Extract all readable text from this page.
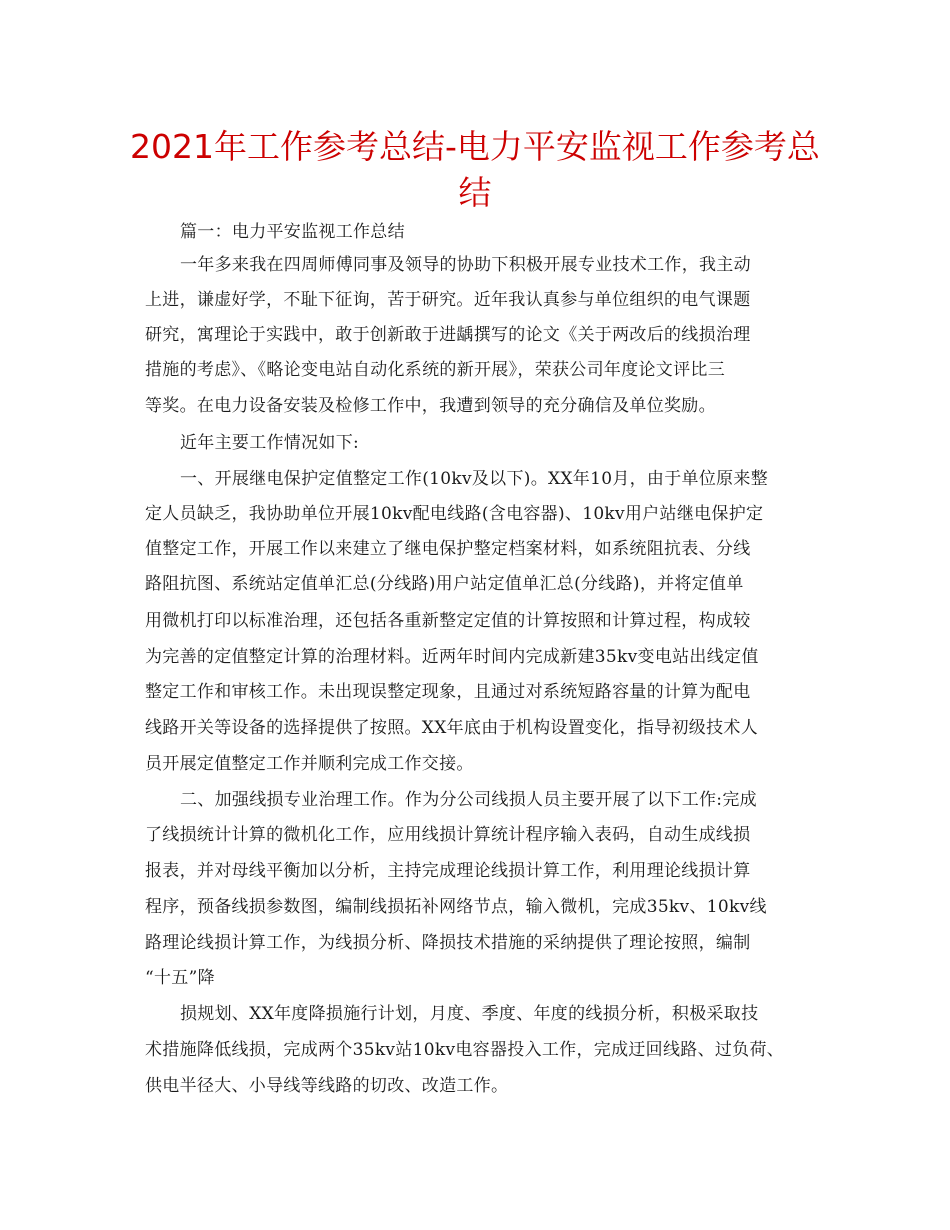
2021年工作参考总结-电力平安监视工作参考总
结
篇一：电力平安监视工作总结
一年多来我在四周师傅同事及领导的协助下积极开展专业技术工作，我主动
上进，谦虚好学，不耻下征询，苦于研究。近年我认真参与单位组织的电气课题
研究，寓理论于实践中，敢于创新敢于进龋撰写的论文《关于两改后的线损治理
措施的考虑》、《略论变电站自动化系统的新开展》，荣获公司年度论文评比三
等奖。在电力设备安装及检修工作中，我遭到领导的充分确信及单位奖励。
近年主要工作情况如下:
一、开展继电保护定值整定工作(10kv及以下)。XX年10月，由于单位原来整
定人员缺乏，我协助单位开展10kv配电线路(含电容器)、10kv用户站继电保护定
值整定工作，开展工作以来建立了继电保护整定档案材料，如系统阻抗表、分线
路阻抗图、系统站定值单汇总(分线路)用户站定值单汇总(分线路)，并将定值单
用微机打印以标准治理，还包括各重新整定定值的计算按照和计算过程，构成较
为完善的定值整定计算的治理材料。近两年时间内完成新建35kv变电站出线定值
整定工作和审核工作。未出现误整定现象，且通过对系统短路容量的计算为配电
线路开关等设备的选择提供了按照。XX年底由于机构设置变化，指导初级技术人
员开展定值整定工作并顺利完成工作交接。
二、加强线损专业治理工作。作为分公司线损人员主要开展了以下工作:完成
了线损统计计算的微机化工作，应用线损计算统计程序输入表码，自动生成线损
报表，并对母线平衡加以分析，主持完成理论线损计算工作，利用理论线损计算
程序，预备线损参数图，编制线损拓补网络节点，输入微机，完成35kv、10kv线
路理论线损计算工作，为线损分析、降损技术措施的采纳提供了理论按照，编制
“十五”降
损规划、XX年度降损施行计划，月度、季度、年度的线损分析，积极采取技
术措施降低线损，完成两个35kv站10kv电容器投入工作，完成迂回线路、过负荷、
供电半径大、小导线等线路的切改、改造工作。
